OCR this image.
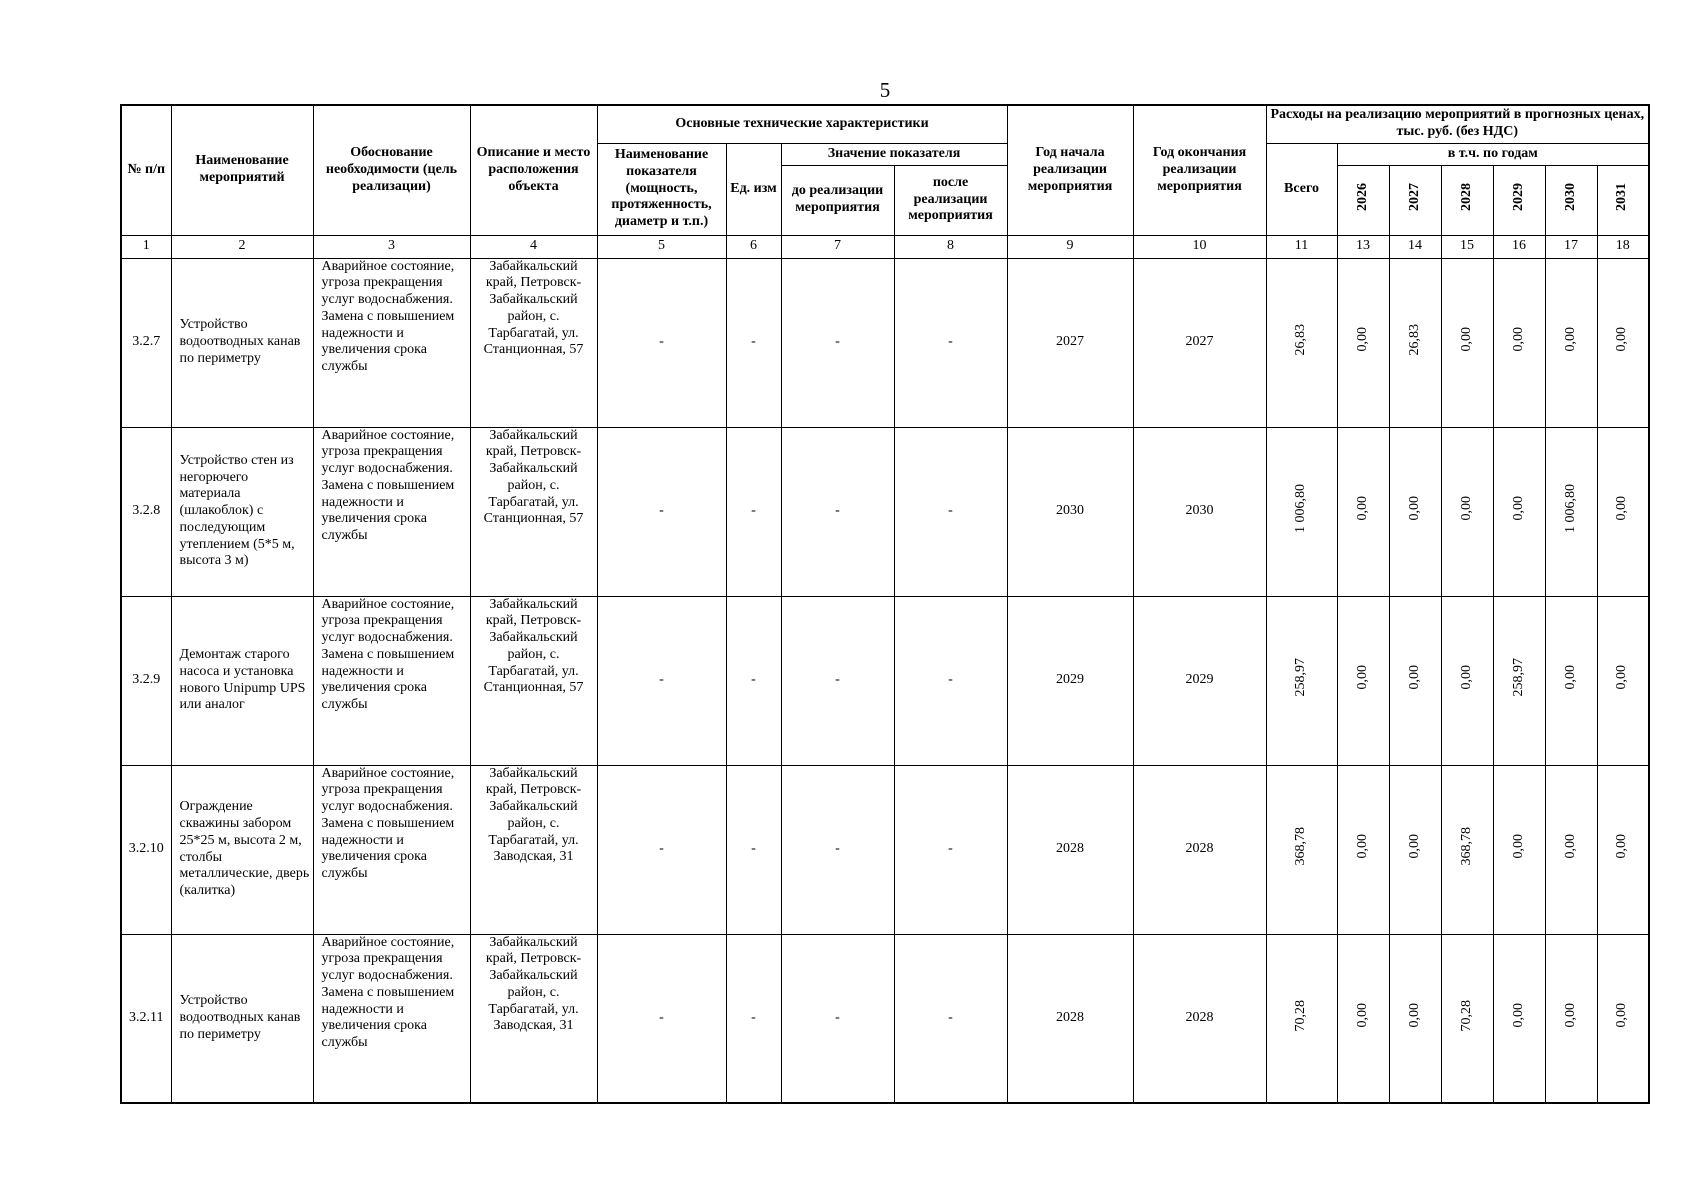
5
№ п/п	Наименование мероприятий	Обоснование необходимости (цель реализации)	Описание и место расположения объекта	Основные технические характеристики				Год начала реализации мероприятия	Год окончания реализации мероприятия	Расходы на реализацию мероприятий в прогнозных ценах, тыс. руб. (без НДС)						
				Наименование показателя (мощность, протяженность, диаметр и т.п.)	Ед. изм	Значение показателя				Всего	в т.ч. по годам					
						до реализации мероприятия	после реализации мероприятия				2026	2027	2028	2029	2030	2031
1	2	3	4	5	6	7	8	9	10	11	13	14	15	16	17	18
3.2.7	Устройство водоотводных канав по периметру	Аварийное состояние, угроза прекращения услуг водоснабжения. Замена с повышением надежности и увеличения срока службы	Забайкальский край, Петровск-Забайкальский район, с. Тарбагатай, ул. Станционная, 57	-	-	-	-	2027	2027	26,83	0,00	26,83	0,00	0,00	0,00	0,00
3.2.8	Устройство стен из негорючего материала (шлакоблок) с последующим утеплением (5*5 м, высота 3 м)	Аварийное состояние, угроза прекращения услуг водоснабжения. Замена с повышением надежности и увеличения срока службы	Забайкальский край, Петровск-Забайкальский район, с. Тарбагатай, ул. Станционная, 57	-	-	-	-	2030	2030	1 006,80	0,00	0,00	0,00	0,00	1 006,80	0,00
3.2.9	Демонтаж старого насоса и установка нового Unipump UPS или аналог	Аварийное состояние, угроза прекращения услуг водоснабжения. Замена с повышением надежности и увеличения срока службы	Забайкальский край, Петровск-Забайкальский район, с. Тарбагатай, ул. Станционная, 57	-	-	-	-	2029	2029	258,97	0,00	0,00	0,00	258,97	0,00	0,00
3.2.10	Ограждение скважины забором 25*25 м, высота 2 м, столбы металлические, дверь (калитка)	Аварийное состояние, угроза прекращения услуг водоснабжения. Замена с повышением надежности и увеличения срока службы	Забайкальский край, Петровск-Забайкальский район, с. Тарбагатай, ул. Заводская, 31	-	-	-	-	2028	2028	368,78	0,00	0,00	368,78	0,00	0,00	0,00
3.2.11	Устройство водоотводных канав по периметру	Аварийное состояние, угроза прекращения услуг водоснабжения. Замена с повышением надежности и увеличения срока службы	Забайкальский край, Петровск-Забайкальский район, с. Тарбагатай, ул. Заводская, 31	-	-	-	-	2028	2028	70,28	0,00	0,00	70,28	0,00	0,00	0,00
